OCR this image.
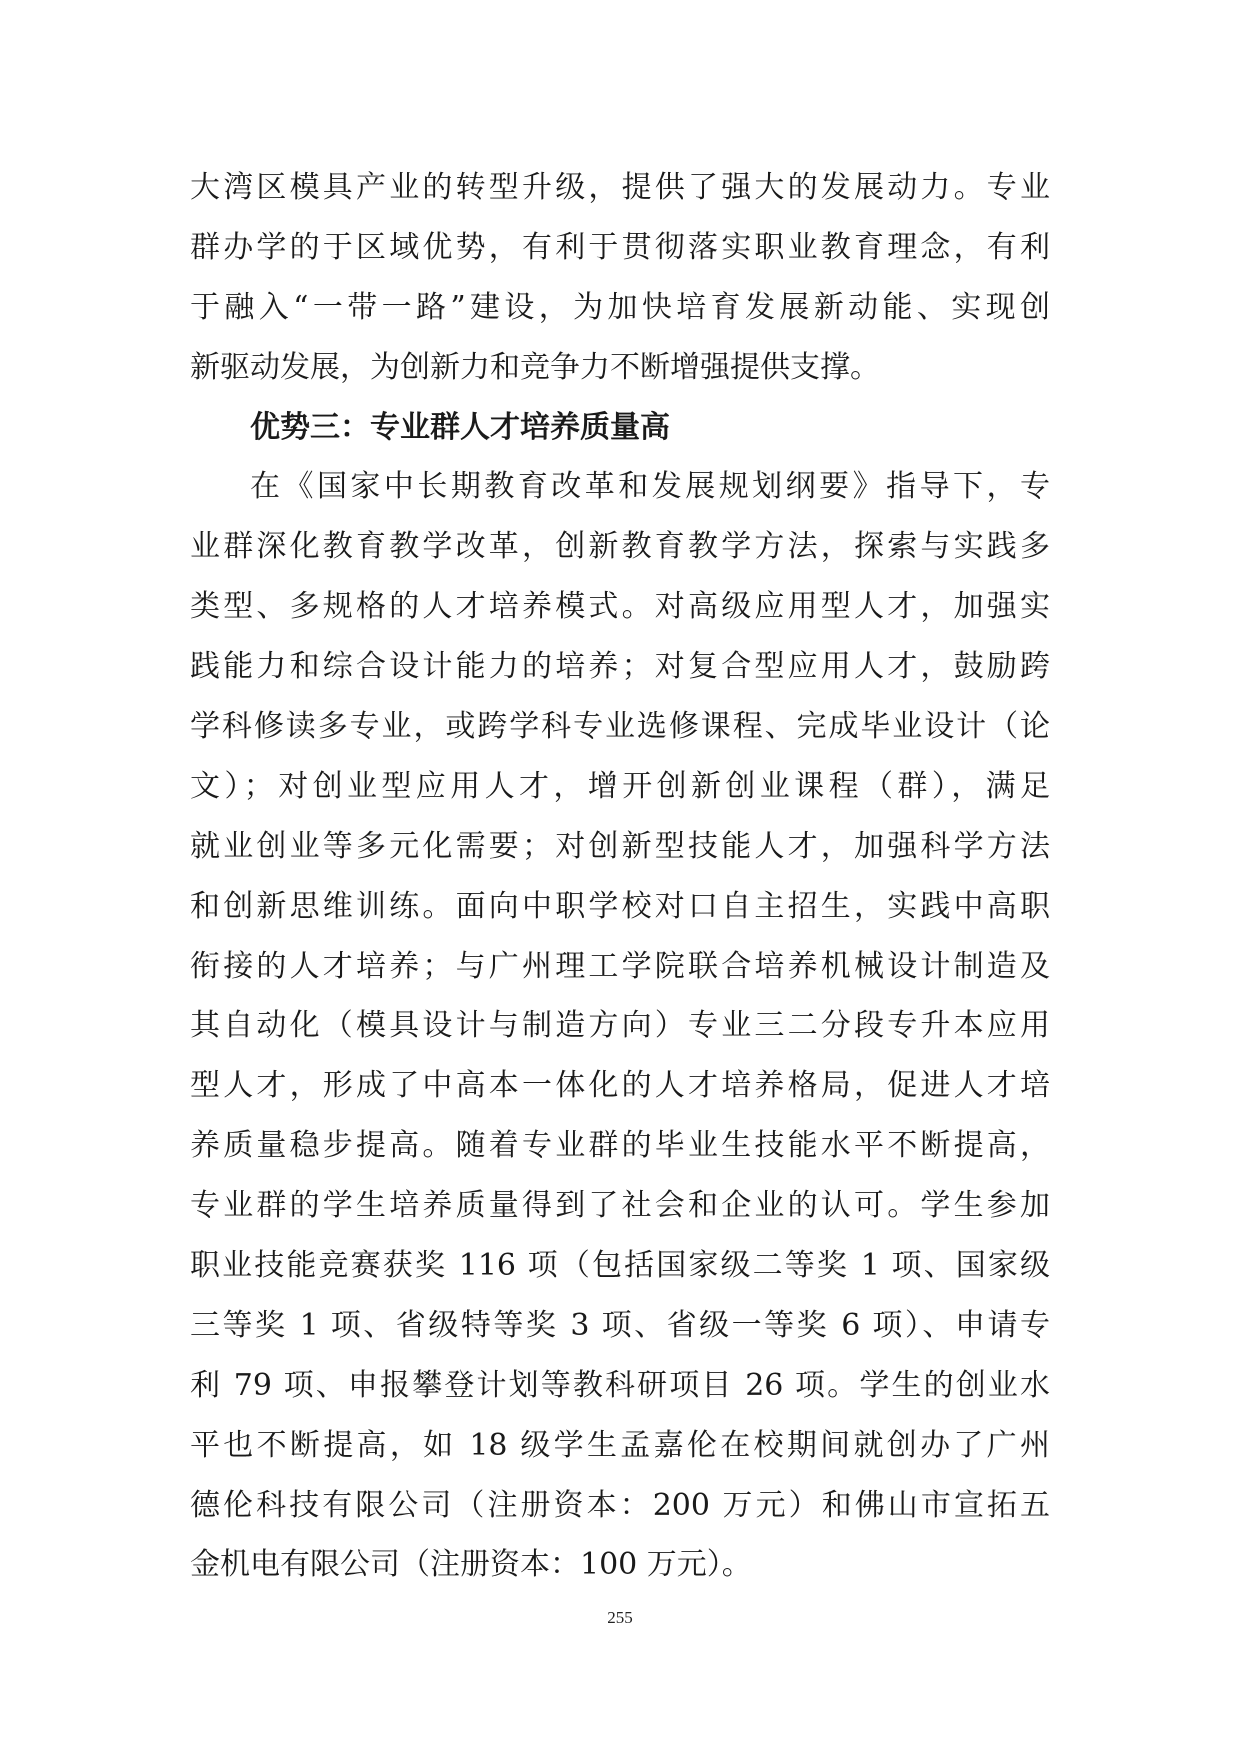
大湾区模具产业的转型升级，提供了强大的发展动力。专业
群办学的于区域优势，有利于贯彻落实职业教育理念，有利
于融入“一带一路”建设，为加快培育发展新动能、实现创
新驱动发展，为创新力和竞争力不断增强提供支撑。
优势三：专业群人才培养质量高
在《国家中长期教育改革和发展规划纲要》指导下，专
业群深化教育教学改革，创新教育教学方法，探索与实践多
类型、多规格的人才培养模式。对高级应用型人才，加强实
践能力和综合设计能力的培养；对复合型应用人才，鼓励跨
学科修读多专业，或跨学科专业选修课程、完成毕业设计（论
文）；对创业型应用人才，增开创新创业课程（群），满足
就业创业等多元化需要；对创新型技能人才，加强科学方法
和创新思维训练。面向中职学校对口自主招生，实践中高职
衔接的人才培养；与广州理工学院联合培养机械设计制造及
其自动化（模具设计与制造方向）专业三二分段专升本应用
型人才，形成了中高本一体化的人才培养格局，促进人才培
养质量稳步提高。随着专业群的毕业生技能水平不断提高，
专业群的学生培养质量得到了社会和企业的认可。学生参加
职业技能竞赛获奖 116 项（包括国家级二等奖 1 项、国家级
三等奖 1 项、省级特等奖 3 项、省级一等奖 6 项）、申请专
利 79 项、申报攀登计划等教科研项目 26 项。学生的创业水
平也不断提高，如 18 级学生孟嘉伦在校期间就创办了广州
德伦科技有限公司（注册资本：200 万元）和佛山市宣拓五
金机电有限公司（注册资本：100 万元）。
255
